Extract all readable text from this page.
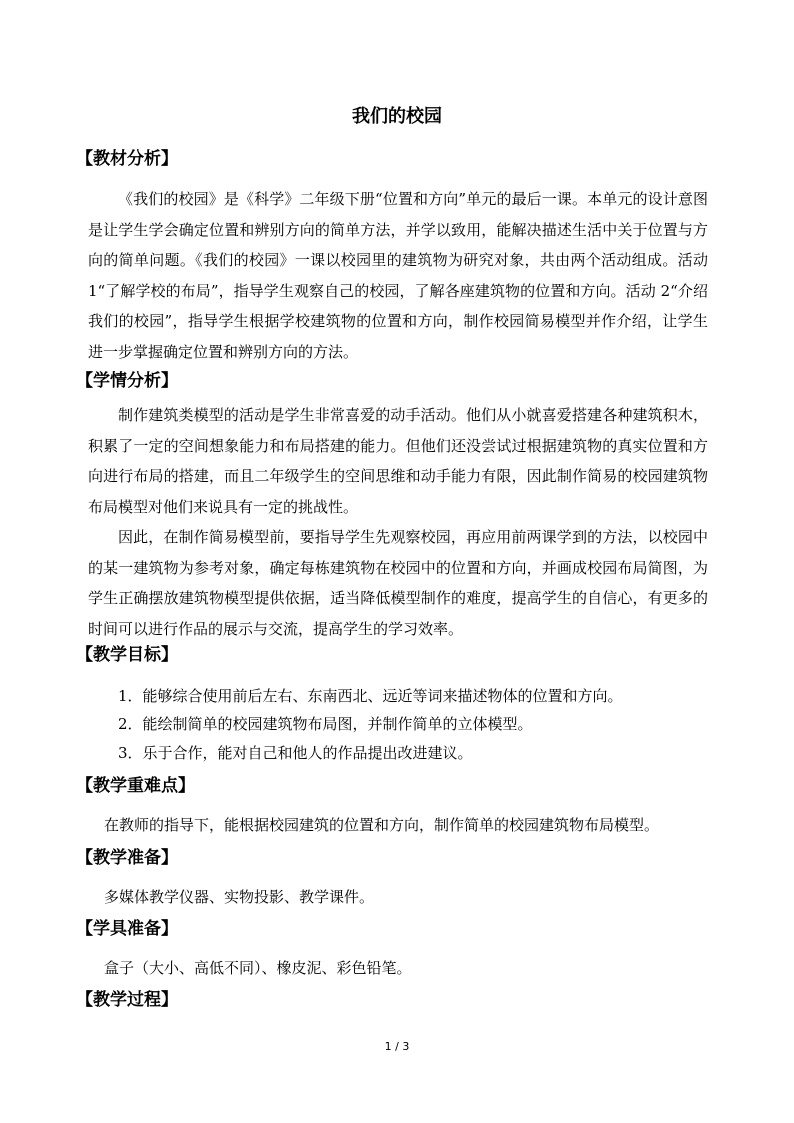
我们的校园
【教材分析】

《我们的校园》是《科学》二年级下册“位置和方向”单元的最后一课。本单元的设计意图是让学生学会确定位置和辨别方向的简单方法，并学以致用，能解决描述生活中关于位置与方向的简单问题。《我们的校园》一课以校园里的建筑物为研究对象，共由两个活动组成。活动 1“了解学校的布局”，指导学生观察自己的校园，了解各座建筑物的位置和方向。活动 2“介绍我们的校园”，指导学生根据学校建筑物的位置和方向，制作校园简易模型并作介绍，让学生进一步掌握确定位置和辨别方向的方法。

【学情分析】

制作建筑类模型的活动是学生非常喜爱的动手活动。他们从小就喜爱搭建各种建筑积木，积累了一定的空间想象能力和布局搭建的能力。但他们还没尝试过根据建筑物的真实位置和方向进行布局的搭建，而且二年级学生的空间思维和动手能力有限，因此制作简易的校园建筑物布局模型对他们来说具有一定的挑战性。

因此，在制作简易模型前，要指导学生先观察校园，再应用前两课学到的方法，以校园中的某一建筑物为参考对象，确定每栋建筑物在校园中的位置和方向，并画成校园布局简图，为学生正确摆放建筑物模型提供依据，适当降低模型制作的难度，提高学生的自信心，有更多的时间可以进行作品的展示与交流，提高学生的学习效率。

【教学目标】
1．能够综合使用前后左右、东南西北、远近等词来描述物体的位置和方向。
2．能绘制简单的校园建筑物布局图，并制作简单的立体模型。
3．乐于合作，能对自己和他人的作品提出改进建议。
【教学重难点】
在教师的指导下，能根据校园建筑的位置和方向，制作简单的校园建筑物布局模型。
【教学准备】
多媒体教学仪器、实物投影、教学课件。
【学具准备】
盒子（大小、高低不同）、橡皮泥、彩色铅笔。
【教学过程】
1 / 3
